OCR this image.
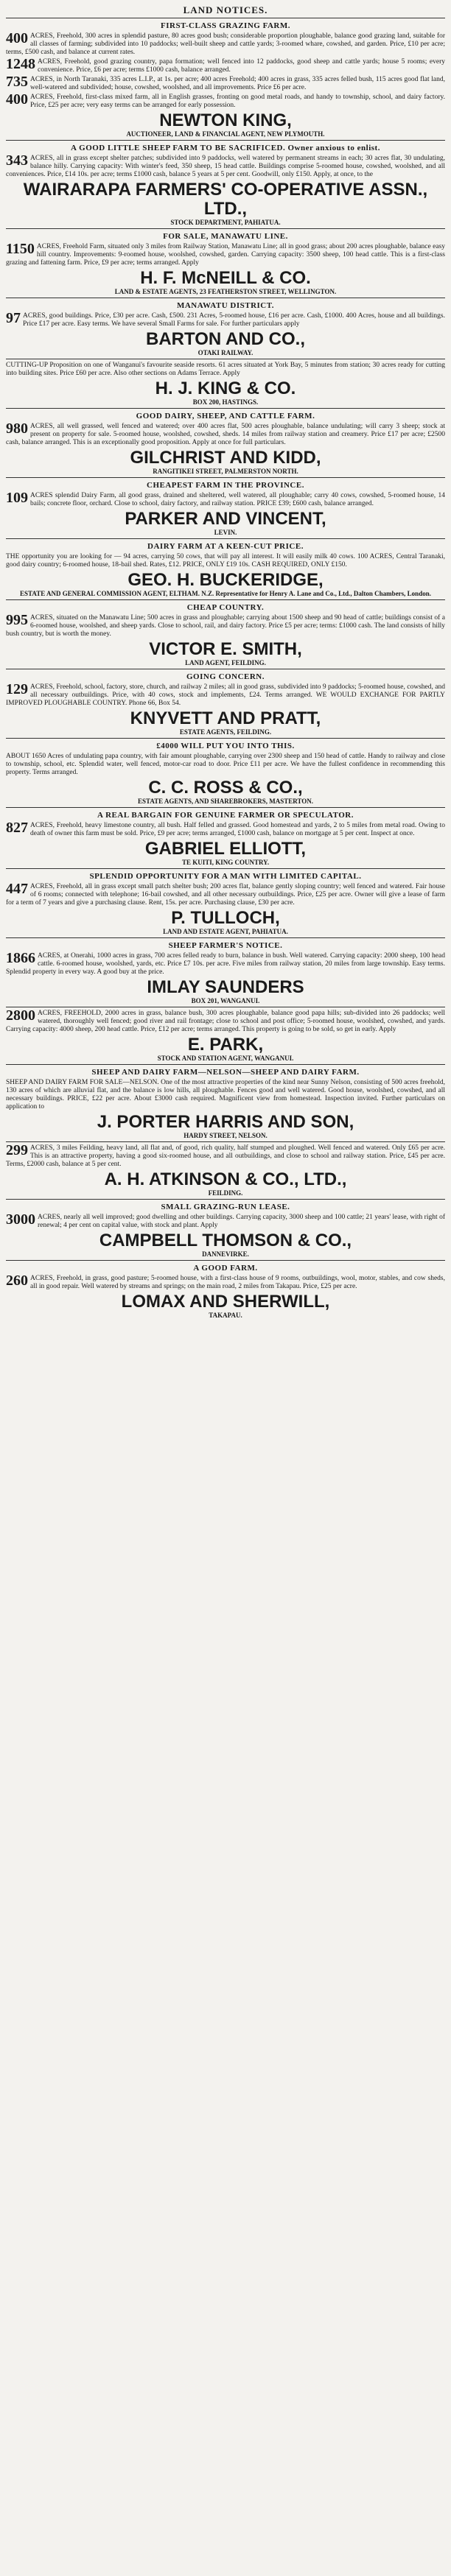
LAND NOTICES.
FIRST-CLASS GRAZING FARM.

400 ACRES, Freehold, 300 acres in splendid pasture, 80 acres good bush; considerable proportion ploughable, balance good grazing land, suitable for all classes of farming; subdivided into 10 paddocks; well-built sheep and cattle yards; 3-roomed whare, cowshed, and garden. Price, £10 per acre; terms, £500 cash, and balance at current rates.

1248 ACRES, Freehold, good grazing country, papa formation; well fenced into 12 paddocks, good sheep and cattle yards; house 5 rooms; every convenience. Price, £6 per acre; terms £1000 cash, balance arranged.

735 ACRES, in North Taranaki, 335 acres L.I.P., at 1s. per acre; 400 acres Freehold; 400 acres in grass, 335 acres felled bush, 115 acres good flat land, well-watered and subdivided; house, cowshed, woolshed, and all improvements. Price £6 per acre.

400 ACRES, Freehold, first-class mixed farm, all in English grasses, fronting on good metal roads, and handy to township, school, and dairy factory. Price, £25 per acre; very easy terms can be arranged for early possession.

NEWTON KING,
AUCTIONEER, LAND & FINANCIAL AGENT, NEW PLYMOUTH.
A GOOD LITTLE SHEEP FARM TO BE SACRIFICED. Owner anxious to enlist.

343 ACRES, all in grass except shelter patches; subdivided into 9 paddocks, well watered by permanent streams in each; 30 acres flat, 30 undulating, balance hilly. Carrying capacity: With winter's feed, 350 sheep, 15 head cattle. Buildings comprise 5-roomed house, cowshed, woolshed, and all conveniences. Price, £14 10s. per acre; terms £1000 cash, balance 5 years at 5 per cent. Goodwill, only £150. Apply, at once, to the

WAIRARAPA FARMERS' CO-OPERATIVE ASSN., LTD.,
STOCK DEPARTMENT, PAHIATUA.
FOR SALE, MANAWATU LINE.

1150 ACRES, Freehold Farm, situated only 3 miles from Railway Station, Manawatu Line; all in good grass; about 200 acres ploughable, balance easy hill country. Improvements: 9-roomed house, woolshed, cowshed, garden. Carrying capacity: 3500 sheep, 100 head cattle. This is a first-class grazing and fattening farm. Price, £9 per acre; terms arranged. Apply

H. F. McNEILL & CO.
LAND & ESTATE AGENTS, 23 FEATHERSTON STREET, WELLINGTON.
MANAWATU DISTRICT.

97 ACRES, good buildings. Price, £30 per acre. Cash, £500. 231 Acres, 5-roomed house, £16 per acre. Cash, £1000. 400 Acres, house and all buildings. Price £17 per acre. Easy terms. We have several Small Farms for sale. For further particulars apply

BARTON AND CO.,
OTAKI RAILWAY.

CUTTING-UP Proposition on one of Wanganui's favourite seaside resorts. 61 acres situated at York Bay, 5 minutes from station; 30 acres ready for cutting into building sites. Price £60 per acre. Also other sections on Adams Terrace. Apply

H. J. KING & CO.
BOX 200, HASTINGS.
GOOD DAIRY, SHEEP, AND CATTLE FARM.

980 ACRES, all well grassed, well fenced and watered; over 400 acres flat, 500 acres ploughable, balance undulating; will carry 3 sheep; stock at present on property for sale. 5-roomed house, woolshed, cowshed, sheds. 14 miles from railway station and creamery. Price £17 per acre; £2500 cash, balance arranged. This is an exceptionally good proposition. Apply at once for full particulars.

GILCHRIST AND KIDD,
RANGITIKEI STREET, PALMERSTON NORTH.
CHEAPEST FARM IN THE PROVINCE.

109 ACRES splendid Dairy Farm, all good grass, drained and sheltered, well watered, all ploughable; carry 40 cows, cowshed, 5-roomed house, 14 bails; concrete floor, orchard. Close to school, dairy factory, and railway station. PRICE £39; £600 cash, balance arranged.

PARKER AND VINCENT,
LEVIN.
DAIRY FARM AT A KEEN-CUT PRICE.

THE opportunity you are looking for — 94 acres, carrying 50 cows, that will pay all interest. It will easily milk 40 cows. 100 ACRES, Central Taranaki, good dairy country; 6-roomed house, 18-bail shed. Rates, £12. PRICE, ONLY £19 10s. CASH REQUIRED, ONLY £150.

GEO. H. BUCKERIDGE,
ESTATE AND GENERAL COMMISSION AGENT, ELTHAM. N.Z. Representative for Henry A. Lane and Co., Ltd., Dalton Chambers, London.
CHEAP COUNTRY.

995 ACRES, situated on the Manawatu Line; 500 acres in grass and ploughable; carrying about 1500 sheep and 90 head of cattle; buildings consist of a 6-roomed house, woolshed, and sheep yards. Close to school, rail, and dairy factory. Price £5 per acre; terms: £1000 cash. The land consists of hilly bush country, but is worth the money.

VICTOR E. SMITH,
LAND AGENT, FEILDING.
GOING CONCERN.

129 ACRES, Freehold, school, factory, store, church, and railway 2 miles; all in good grass, subdivided into 9 paddocks; 5-roomed house, cowshed, and all necessary outbuildings. Price, with 40 cows, stock and implements, £24. Terms arranged. WE WOULD EXCHANGE FOR PARTLY IMPROVED PLOUGHABLE COUNTRY. Phone 66, Box 54.

KNYVETT AND PRATT,
ESTATE AGENTS, FEILDING.
£4000 WILL PUT YOU INTO THIS.

ABOUT 1650 Acres of undulating papa country, with fair amount ploughable, carrying over 2300 sheep and 150 head of cattle. Handy to railway and close to township, school, etc. Splendid water, well fenced, motor-car road to door. Price £11 per acre. We have the fullest confidence in recommending this property. Terms arranged.

C. C. ROSS & CO.,
ESTATE AGENTS, AND SHAREBROKERS, MASTERTON.
A REAL BARGAIN FOR GENUINE FARMER OR SPECULATOR.

827 ACRES, Freehold, heavy limestone country, all bush. Half felled and grassed. Good homestead and yards, 2 to 5 miles from metal road. Owing to death of owner this farm must be sold. Price, £9 per acre; terms arranged, £1000 cash, balance on mortgage at 5 per cent. Inspect at once.

GABRIEL ELLIOTT,
TE KUITI, KING COUNTRY.
SPLENDID OPPORTUNITY FOR A MAN WITH LIMITED CAPITAL.

447 ACRES, Freehold, all in grass except small patch shelter bush; 200 acres flat, balance gently sloping country; well fenced and watered. Fair house of 6 rooms; connected with telephone; 16-bail cowshed, and all other necessary outbuildings. Price, £25 per acre. Owner will give a lease of farm for a term of 7 years and give a purchasing clause. Rent, 15s. per acre. Purchasing clause, £30 per acre.

P. TULLOCH,
LAND AND ESTATE AGENT, PAHIATUA.
SHEEP FARMER'S NOTICE.

1866 ACRES, at Onerahi, 1000 acres in grass, 700 acres felled ready to burn, balance in bush. Well watered. Carrying capacity: 2000 sheep, 100 head cattle. 6-roomed house, woolshed, yards, etc. Price £7 10s. per acre. Five miles from railway station, 20 miles from large township. Easy terms. Splendid property in every way. A good buy at the price.

IMLAY SAUNDERS
BOX 201, WANGANUI.

2800 ACRES, FREEHOLD, 2000 acres in grass, balance bush, 300 acres ploughable, balance good papa hills; sub-divided into 26 paddocks; well watered, thoroughly well fenced; good river and rail frontage; close to school and post office; 5-roomed house, woolshed, cowshed, and yards. Carrying capacity: 4000 sheep, 200 head cattle. Price, £12 per acre; terms arranged. This property is going to be sold, so get in early. Apply

E. PARK,
STOCK AND STATION AGENT, WANGANUI.
SHEEP AND DAIRY FARM—NELSON—SHEEP AND DAIRY FARM.

SHEEP AND DAIRY FARM FOR SALE—NELSON. One of the most attractive properties of the kind near Sunny Nelson, consisting of 500 acres freehold, 130 acres of which are alluvial flat, and the balance is low hills, all ploughable. Fences good and well watered. Good house, woolshed, cowshed, and all necessary buildings. PRICE, £22 per acre. About £3000 cash required. Magnificent view from homestead. Inspection invited. Further particulars on application to

J. PORTER HARRIS AND SON,
HARDY STREET, NELSON.

299 ACRES, 3 miles Feilding, heavy land, all flat and, of good, rich quality, half stumped and ploughed. Well fenced and watered. Only £65 per acre. This is an attractive property, having a good six-roomed house, and all outbuildings, and close to school and railway station. Price, £45 per acre. Terms, £2000 cash, balance at 5 per cent.

A. H. ATKINSON & CO., LTD.,
FEILDING.
SMALL GRAZING-RUN LEASE.

3000 ACRES, nearly all well improved; good dwelling and other buildings. Carrying capacity, 3000 sheep and 100 cattle; 21 years' lease, with right of renewal; 4 per cent on capital value, with stock and plant. Apply

CAMPBELL THOMSON & CO.,
DANNEVIRKE.
A GOOD FARM.

260 ACRES, Freehold, in grass, good pasture; 5-roomed house, with a first-class house of 9 rooms, outbuildings, wool, motor, stables, and cow sheds, all in good repair. Well watered by streams and springs; on the main road, 2 miles from Takapau. Price, £25 per acre.

LOMAX AND SHERWILL,
TAKAPAU.
